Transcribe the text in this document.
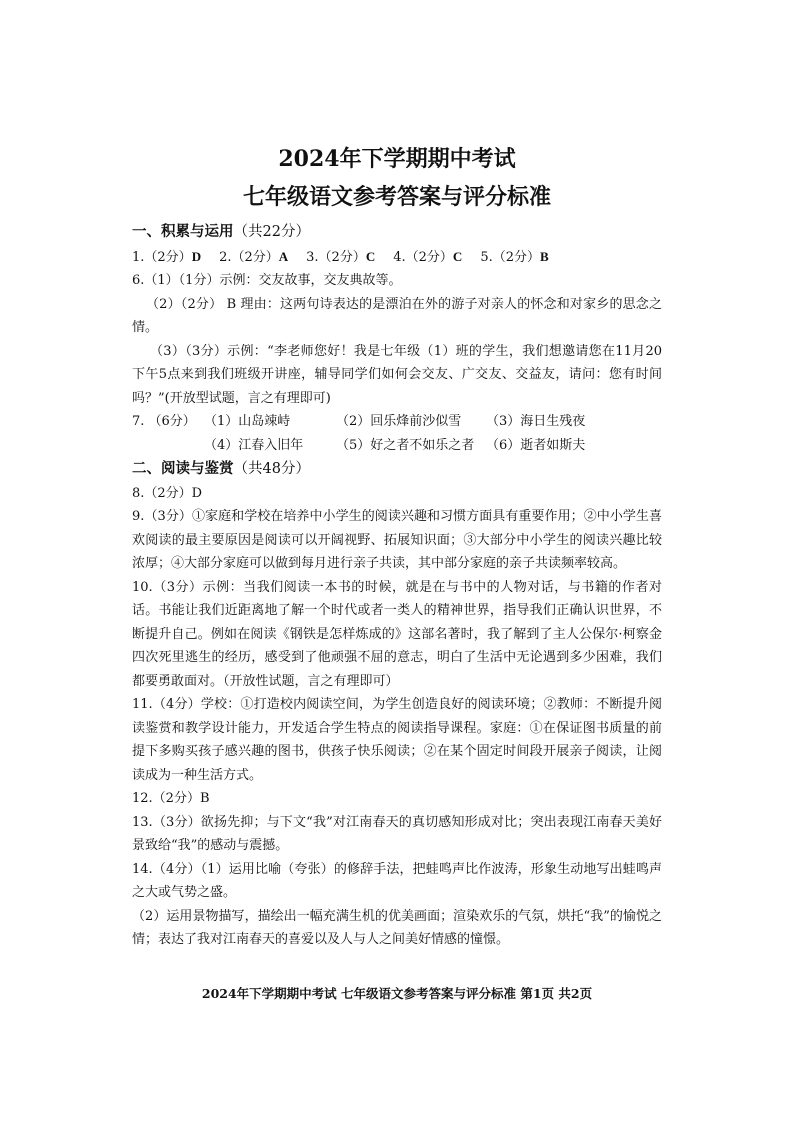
2024年下学期期中考试
七年级语文参考答案与评分标准

一、积累与运用（共22分）

1.（2分）D 2.（2分）A 3.（2分）C 4.（2分）C 5.（2分）B

6.（1）（1分）示例：交友故事，交友典故等。

（2）（2分） B 理由：这两句诗表达的是漂泊在外的游子对亲人的怀念和对家乡的思念之情。

（3）（3分）示例：“李老师您好！我是七年级（1）班的学生，我们想邀请您在11月20下午5点来到我们班级开讲座，辅导同学们如何会交友、广交友、交益友，请问：您有时间吗？”(开放型试题，言之有理即可)

7. （6分） （1）山岛竦峙	（2）回乐烽前沙似雪	（3）海日生残夜
（4）江春入旧年	（5）好之者不如乐之者 （6）逝者如斯夫

二、阅读与鉴赏（共48分）

8.（2分）D

9.（3分）①家庭和学校在培养中小学生的阅读兴趣和习惯方面具有重要作用；②中小学生喜欢阅读的最主要原因是阅读可以开阔视野、拓展知识面；③大部分中小学生的阅读兴趣比较浓厚；④大部分家庭可以做到每月进行亲子共读，其中部分家庭的亲子共读频率较高。

10.（3分）示例：当我们阅读一本书的时候，就是在与书中的人物对话，与书籍的作者对话。书能让我们近距离地了解一个时代或者一类人的精神世界，指导我们正确认识世界，不断提升自己。例如在阅读《钢铁是怎样炼成的》这部名著时，我了解到了主人公保尔·柯察金四次死里逃生的经历，感受到了他顽强不屈的意志，明白了生活中无论遇到多少困难，我们都要勇敢面对。（开放性试题，言之有理即可）

11.（4分）学校：①打造校内阅读空间，为学生创造良好的阅读环境；②教师：不断提升阅读鉴赏和教学设计能力，开发适合学生特点的阅读指导课程。家庭：①在保证图书质量的前提下多购买孩子感兴趣的图书，供孩子快乐阅读；②在某个固定时间段开展亲子阅读，让阅读成为一种生活方式。

12.（2分）B

13.（3分）欲扬先抑；与下文“我”对江南春天的真切感知形成对比；突出表现江南春天美好景致给“我”的感动与震撼。

14.（4分）（1）运用比喻（夸张）的修辞手法，把蛙鸣声比作波涛，形象生动地写出蛙鸣声之大或气势之盛。

（2）运用景物描写，描绘出一幅充满生机的优美画面；渲染欢乐的气氛，烘托“我”的愉悦之情；表达了我对江南春天的喜爱以及人与人之间美好情感的憧憬。

2024年下学期期中考试 七年级语文参考答案与评分标准 第1页 共2页
